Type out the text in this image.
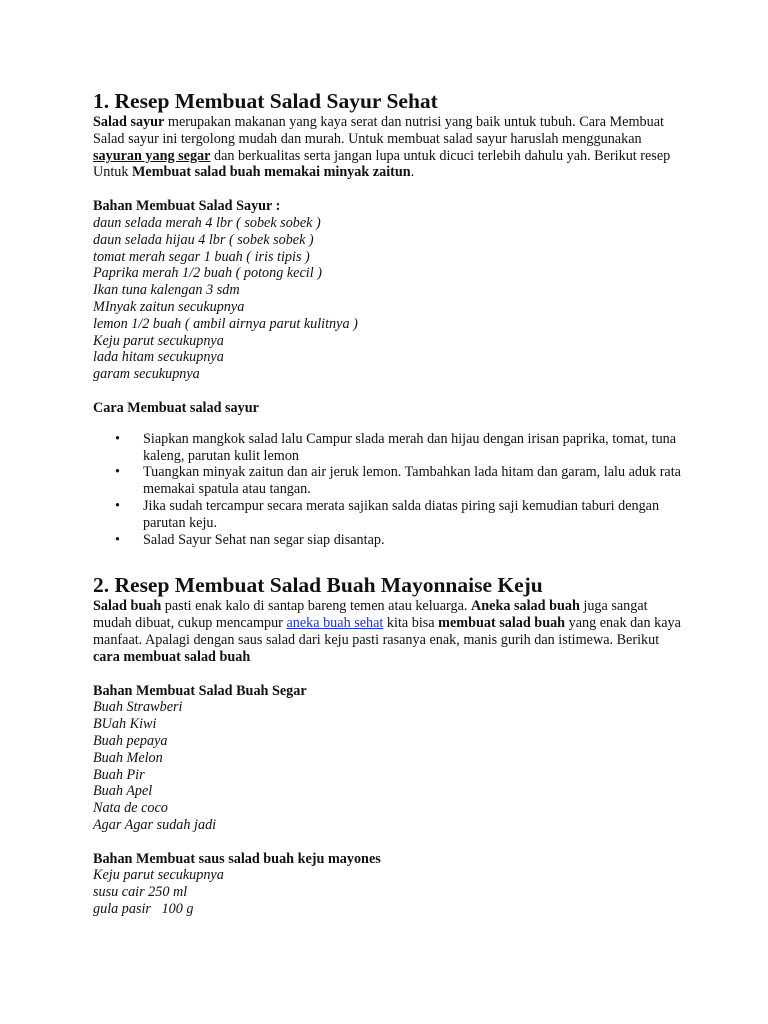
1. Resep Membuat Salad Sayur Sehat

Salad sayur merupakan makanan yang kaya serat dan nutrisi yang baik untuk tubuh. Cara Membuat Salad sayur ini tergolong mudah dan murah. Untuk membuat salad sayur haruslah menggunakan sayuran yang segar dan berkualitas serta jangan lupa untuk dicuci terlebih dahulu yah. Berikut resep Untuk Membuat salad buah memakai minyak zaitun.

Bahan Membuat Salad Sayur :

daun selada merah 4 lbr ( sobek sobek )
daun selada hijau 4 lbr ( sobek sobek )
tomat merah segar 1 buah ( iris tipis )
Paprika merah 1/2 buah ( potong kecil )
Ikan tuna kalengan 3 sdm
MInyak zaitun secukupnya
lemon 1/2 buah ( ambil airnya parut kulitnya )
Keju parut secukupnya
lada hitam secukupnya
garam secukupnya

Cara Membuat salad sayur

• Siapkan mangkok salad lalu Campur slada merah dan hijau dengan irisan paprika, tomat, tuna kaleng, parutan kulit lemon
• Tuangkan minyak zaitun dan air jeruk lemon. Tambahkan lada hitam dan garam, lalu aduk rata memakai spatula atau tangan.
• Jika sudah tercampur secara merata sajikan salda diatas piring saji kemudian taburi dengan parutan keju.
• Salad Sayur Sehat nan segar siap disantap.
2. Resep Membuat Salad Buah Mayonnaise Keju

Salad buah pasti enak kalo di santap bareng temen atau keluarga. Aneka salad buah juga sangat mudah dibuat, cukup mencampur aneka buah sehat kita bisa membuat salad buah yang enak dan kaya manfaat. Apalagi dengan saus salad dari keju pasti rasanya enak, manis gurih dan istimewa. Berikut cara membuat salad buah

Bahan Membuat Salad Buah Segar

Buah Strawberi
BUah Kiwi
Buah pepaya
Buah Melon
Buah Pir
Buah Apel
Nata de coco
Agar Agar sudah jadi

Bahan Membuat saus salad buah keju mayones

Keju parut secukupnya
susu cair 250 ml
gula pasir   100 g
